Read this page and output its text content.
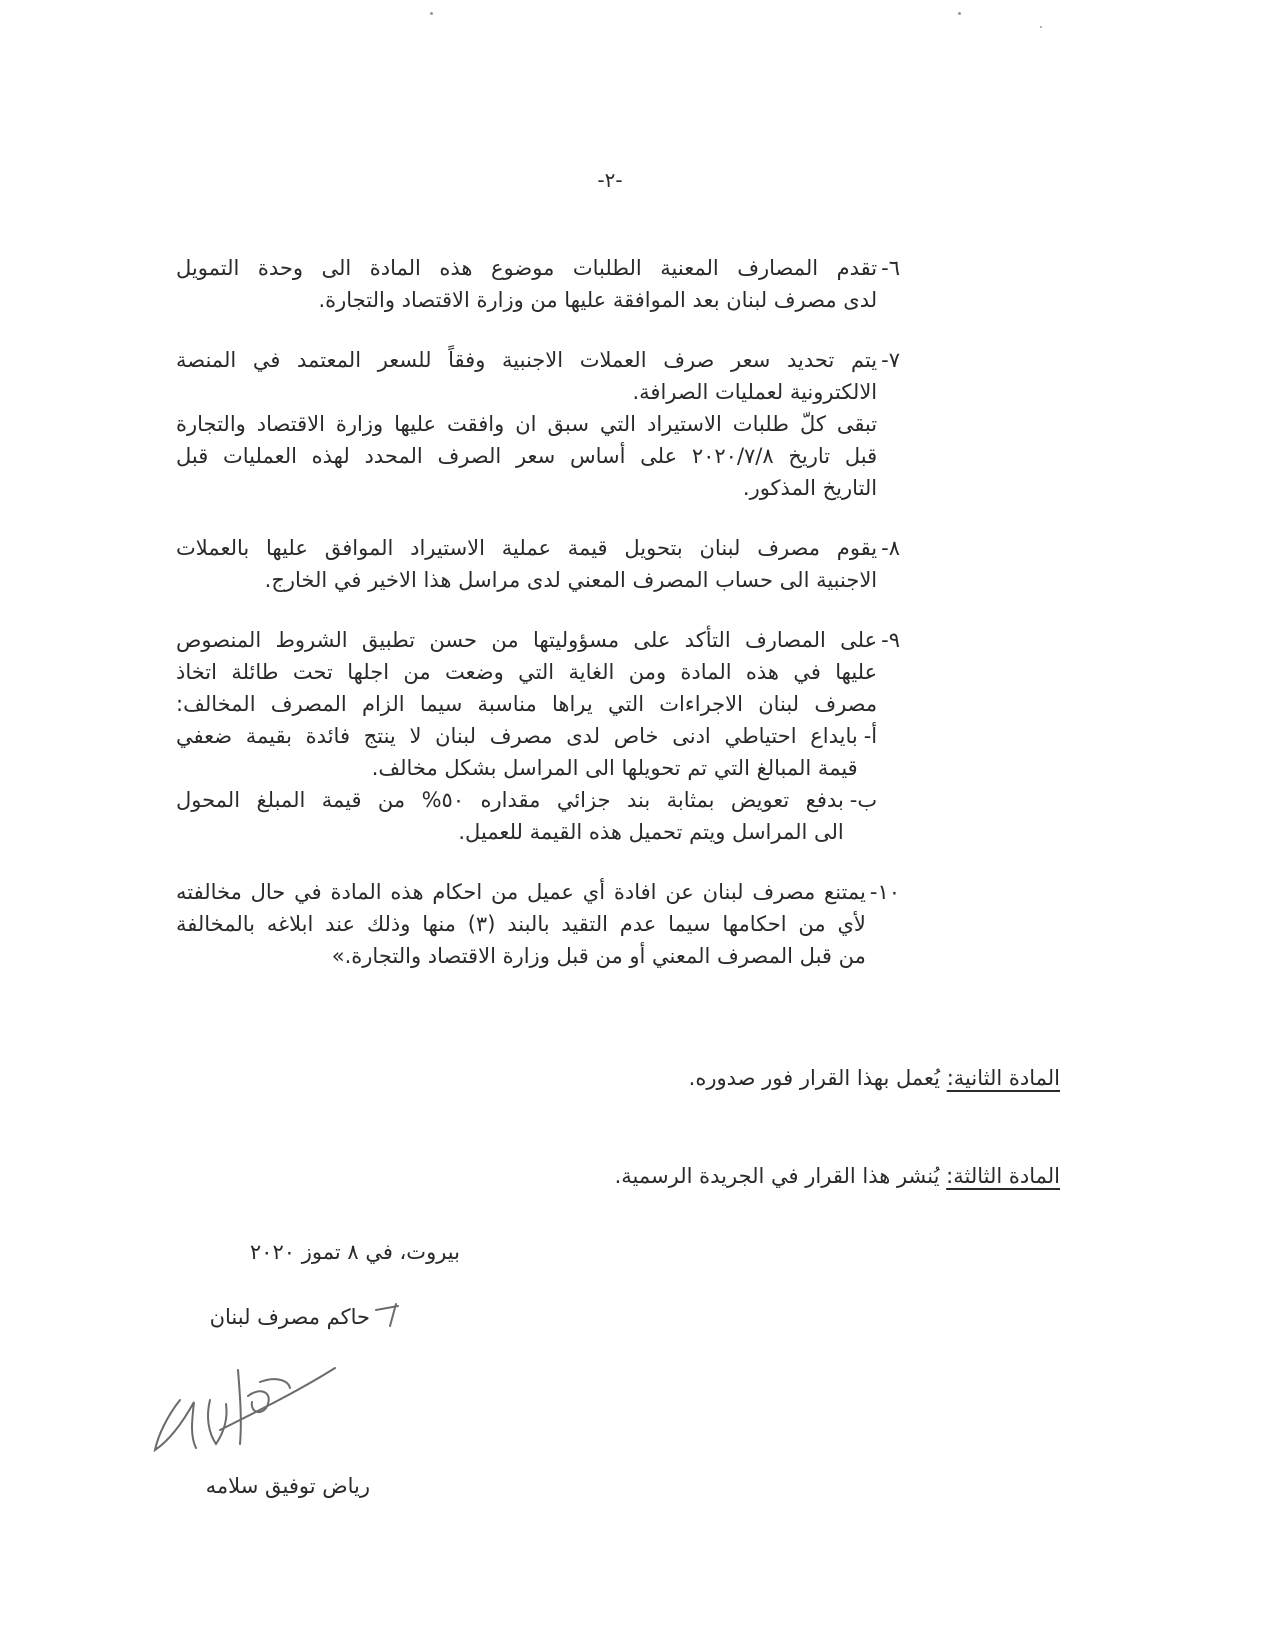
-٢-
٦-
تقدم المصارف المعنية الطلبات موضوع هذه المادة الى وحدة التمويل
لدى مصرف لبنان بعد الموافقة عليها من وزارة الاقتصاد والتجارة.
٧-
يتم تحديد سعر صرف العملات الاجنبية وفقاً للسعر المعتمد في المنصة
الالكترونية لعمليات الصرافة.
تبقى كلّ طلبات الاستيراد التي سبق ان وافقت عليها وزارة الاقتصاد والتجارة
قبل تاريخ ٢٠٢٠/٧/٨ على أساس سعر الصرف المحدد لهذه العمليات قبل
التاريخ المذكور.
٨-
يقوم مصرف لبنان بتحويل قيمة عملية الاستيراد الموافق عليها بالعملات
الاجنبية الى حساب المصرف المعني لدى مراسل هذا الاخير في الخارج.
٩-
على المصارف التأكد على مسؤوليتها من حسن تطبيق الشروط المنصوص
عليها في هذه المادة ومن الغاية التي وضعت من اجلها تحت طائلة اتخاذ
مصرف لبنان الاجراءات التي يراها مناسبة سيما الزام المصرف المخالف:
أ-
بايداع احتياطي ادنى خاص لدى مصرف لبنان لا ينتج فائدة بقيمة ضعفي
قيمة المبالغ التي تم تحويلها الى المراسل بشكل مخالف.
ب-
بدفع تعويض بمثابة بند جزائي مقداره ٥٠% من قيمة المبلغ المحول
الى المراسل ويتم تحميل هذه القيمة للعميل.
١٠-
يمتنع مصرف لبنان عن افادة أي عميل من احكام هذه المادة في حال مخالفته
لأي من احكامها سيما عدم التقيد بالبند (٣) منها وذلك عند ابلاغه بالمخالفة
من قبل المصرف المعني أو من قبل وزارة الاقتصاد والتجارة.»
المادة الثانية: يُعمل بهذا القرار فور صدوره.
المادة الثالثة: يُنشر هذا القرار في الجريدة الرسمية.
بيروت، في ٨ تموز ٢٠٢٠
حاكم مصرف لبنان
رياض توفيق سلامه
